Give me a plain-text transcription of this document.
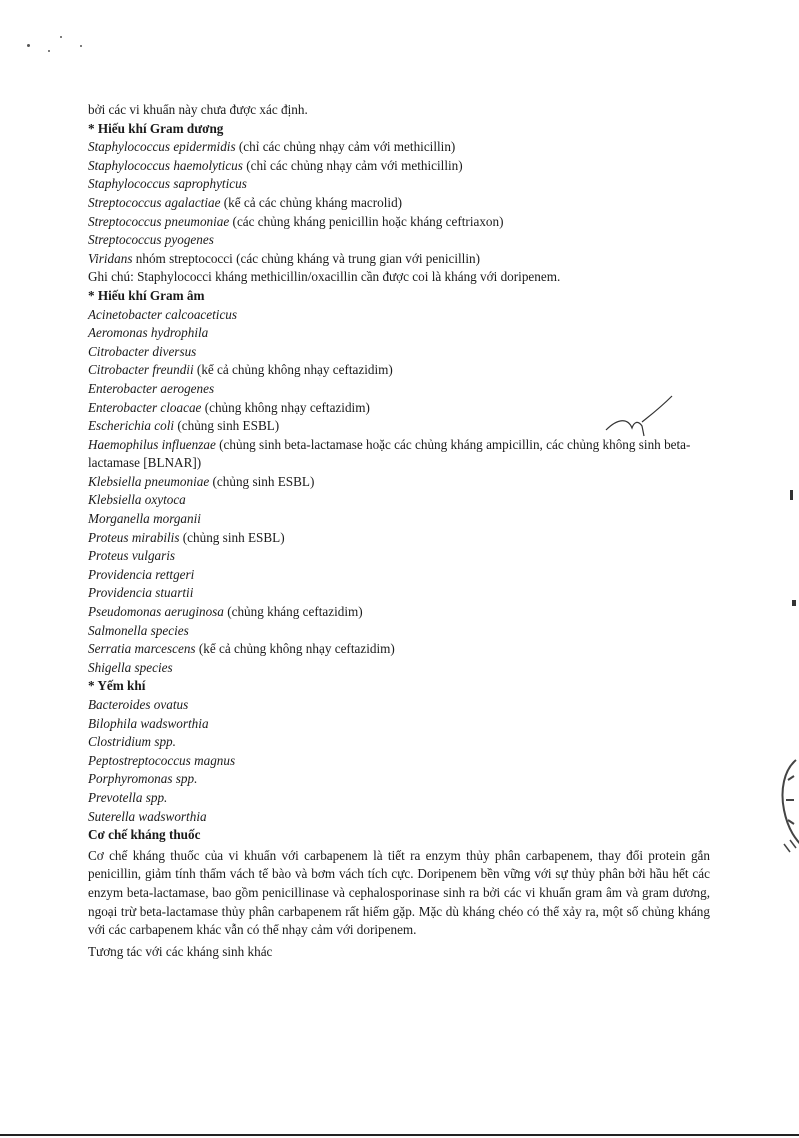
bởi các vi khuẩn này chưa được xác định.
* Hiếu khí Gram dương
Staphylococcus epidermidis (chỉ các chủng nhạy cảm với methicillin)
Staphylococcus haemolyticus (chỉ các chủng nhạy cảm với methicillin)
Staphylococcus saprophyticus
Streptococcus agalactiae (kể cả các chủng kháng macrolid)
Streptococcus pneumoniae (các chủng kháng penicillin hoặc kháng ceftriaxon)
Streptococcus pyogenes
Viridans nhóm streptococci (các chủng kháng và trung gian với penicillin)
Ghi chú: Staphylococci kháng methicillin/oxacillin cần được coi là kháng với doripenem.
* Hiếu khí Gram âm
Acinetobacter calcoaceticus
Aeromonas hydrophila
Citrobacter diversus
Citrobacter freundii (kể cả chủng không nhạy ceftazidim)
Enterobacter aerogenes
Enterobacter cloacae (chủng không nhạy ceftazidim)
Escherichia coli (chủng sinh ESBL)
Haemophilus influenzae (chủng sinh beta-lactamase hoặc các chủng kháng ampicillin, các chủng không sinh beta-lactamase [BLNAR])
Klebsiella pneumoniae (chủng sinh ESBL)
Klebsiella oxytoca
Morganella morganii
Proteus mirabilis (chủng sinh ESBL)
Proteus vulgaris
Providencia rettgeri
Providencia stuartii
Pseudomonas aeruginosa (chủng kháng ceftazidim)
Salmonella species
Serratia marcescens (kể cả chủng không nhạy ceftazidim)
Shigella species
* Yếm khí
Bacteroides ovatus
Bilophila wadsworthia
Clostridium spp.
Peptostreptococcus magnus
Porphyromonas spp.
Prevotella spp.
Suterella wadsworthia
Cơ chế kháng thuốc
Cơ chế kháng thuốc của vi khuẩn với carbapenem là tiết ra enzym thủy phân carbapenem, thay đổi protein gắn penicillin, giảm tính thấm vách tế bào và bơm vách tích cực. Doripenem bền vững với sự thủy phân bởi hầu hết các enzym beta-lactamase, bao gồm penicillinase và cephalosporinase sinh ra bởi các vi khuẩn gram âm và gram dương, ngoại trừ beta-lactamase thủy phân carbapenem rất hiếm gặp. Mặc dù kháng chéo có thể xảy ra, một số chủng kháng với các carbapenem khác vẫn có thể nhạy cảm với doripenem.
Tương tác với các kháng sinh khác
